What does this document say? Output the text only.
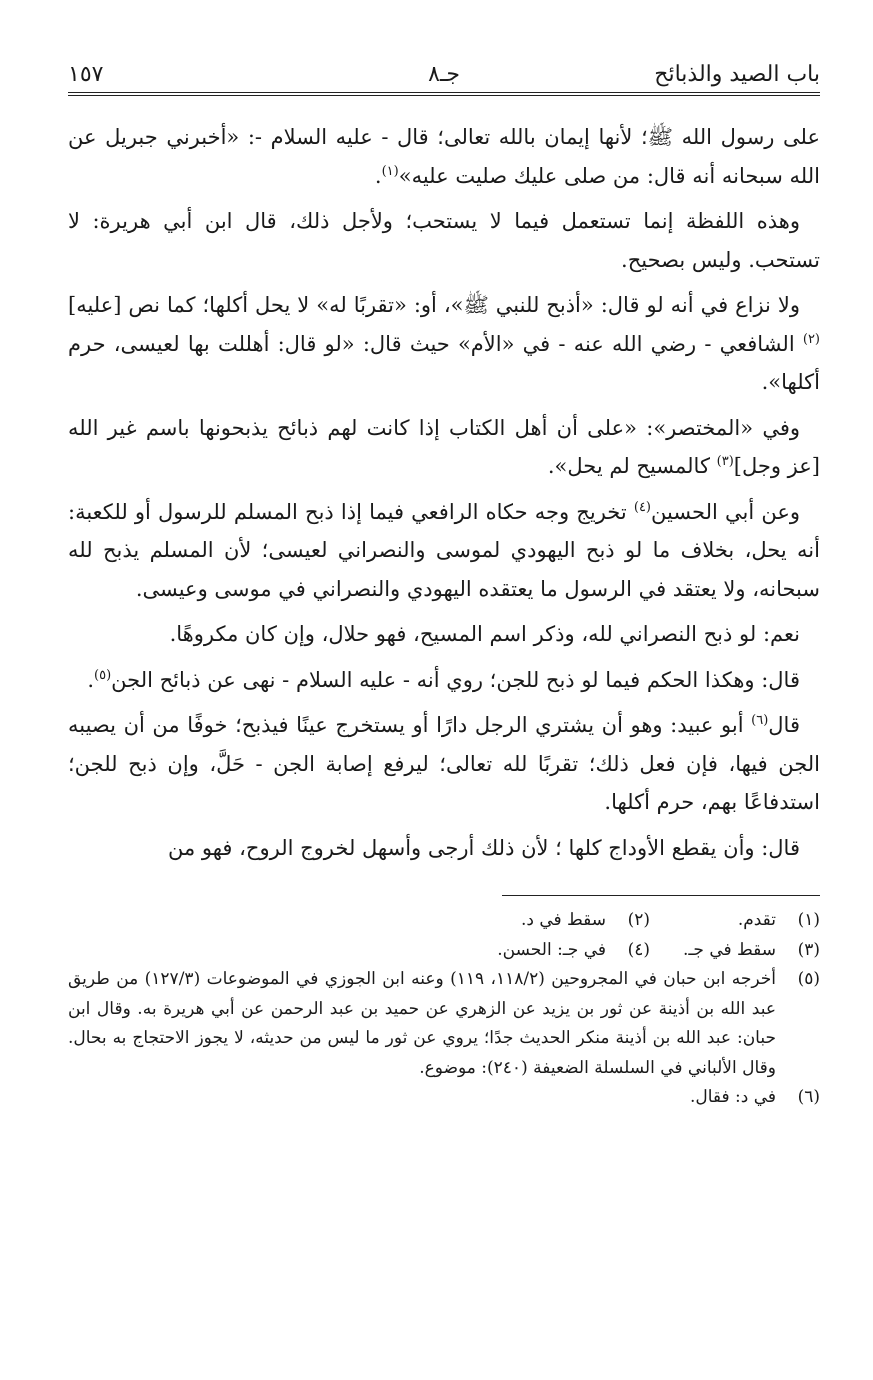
باب الصيد والذبائح
جـ٨
١٥٧

على رسول الله ﷺ؛ لأنها إيمان بالله تعالى؛ قال - عليه السلام -: «أخبرني جبريل عن الله سبحانه أنه قال: من صلى عليك صليت عليه»$^{(١)}$.

وهذه اللفظة إنما تستعمل فيما لا يستحب؛ ولأجل ذلك، قال ابن أبي هريرة: لا تستحب. وليس بصحيح.

ولا نزاع في أنه لو قال: «أذبح للنبي ﷺ»، أو: «تقربًا له» لا يحل أكلها؛ كما نص [عليه]$^{(٢)}$ الشافعي - رضي الله عنه - في «الأم» حيث قال: «لو قال: أهللت بها لعيسى، حرم أكلها».

وفي «المختصر»: «على أن أهل الكتاب إذا كانت لهم ذبائح يذبحونها باسم غير الله [عز وجل]$^{(٣)}$ كالمسيح لم يحل».

وعن أبي الحسين$^{(٤)}$ تخريج وجه حكاه الرافعي فيما إذا ذبح المسلم للرسول أو للكعبة: أنه يحل، بخلاف ما لو ذبح اليهودي لموسى والنصراني لعيسى؛ لأن المسلم يذبح لله سبحانه، ولا يعتقد في الرسول ما يعتقده اليهودي والنصراني في موسى وعيسى.

نعم: لو ذبح النصراني لله، وذكر اسم المسيح، فهو حلال، وإن كان مكروهًا.

قال: وهكذا الحكم فيما لو ذبح للجن؛ روي أنه - عليه السلام - نهى عن ذبائح الجن$^{(٥)}$.

قال$^{(٦)}$ أبو عبيد: وهو أن يشتري الرجل دارًا أو يستخرج عينًا فيذبح؛ خوفًا من أن يصيبه الجن فيها، فإن فعل ذلك؛ تقربًا لله تعالى؛ ليرفع إصابة الجن - حَلَّ، وإن ذبح للجن؛ استدفاعًا بهم، حرم أكلها.

قال: وأن يقطع الأوداج كلها ؛ لأن ذلك أرجى وأسهل لخروج الروح، فهو من

(١)
تقدم.
(٢)
سقط في د.
(٣)
سقط في جـ.
(٤)
في جـ: الحسن.
(٥)
أخرجه ابن حبان في المجروحين (١١٨/٢، ١١٩) وعنه ابن الجوزي في الموضوعات (١٢٧/٣) من طريق عبد الله بن أذينة عن ثور بن يزيد عن الزهري عن حميد بن عبد الرحمن عن أبي هريرة به. وقال ابن حبان: عبد الله بن أذينة منكر الحديث جدًا؛ يروي عن ثور ما ليس من حديثه، لا يجوز الاحتجاج به بحال. وقال الألباني في السلسلة الضعيفة (٢٤٠): موضوع.
(٦)
في د: فقال.
